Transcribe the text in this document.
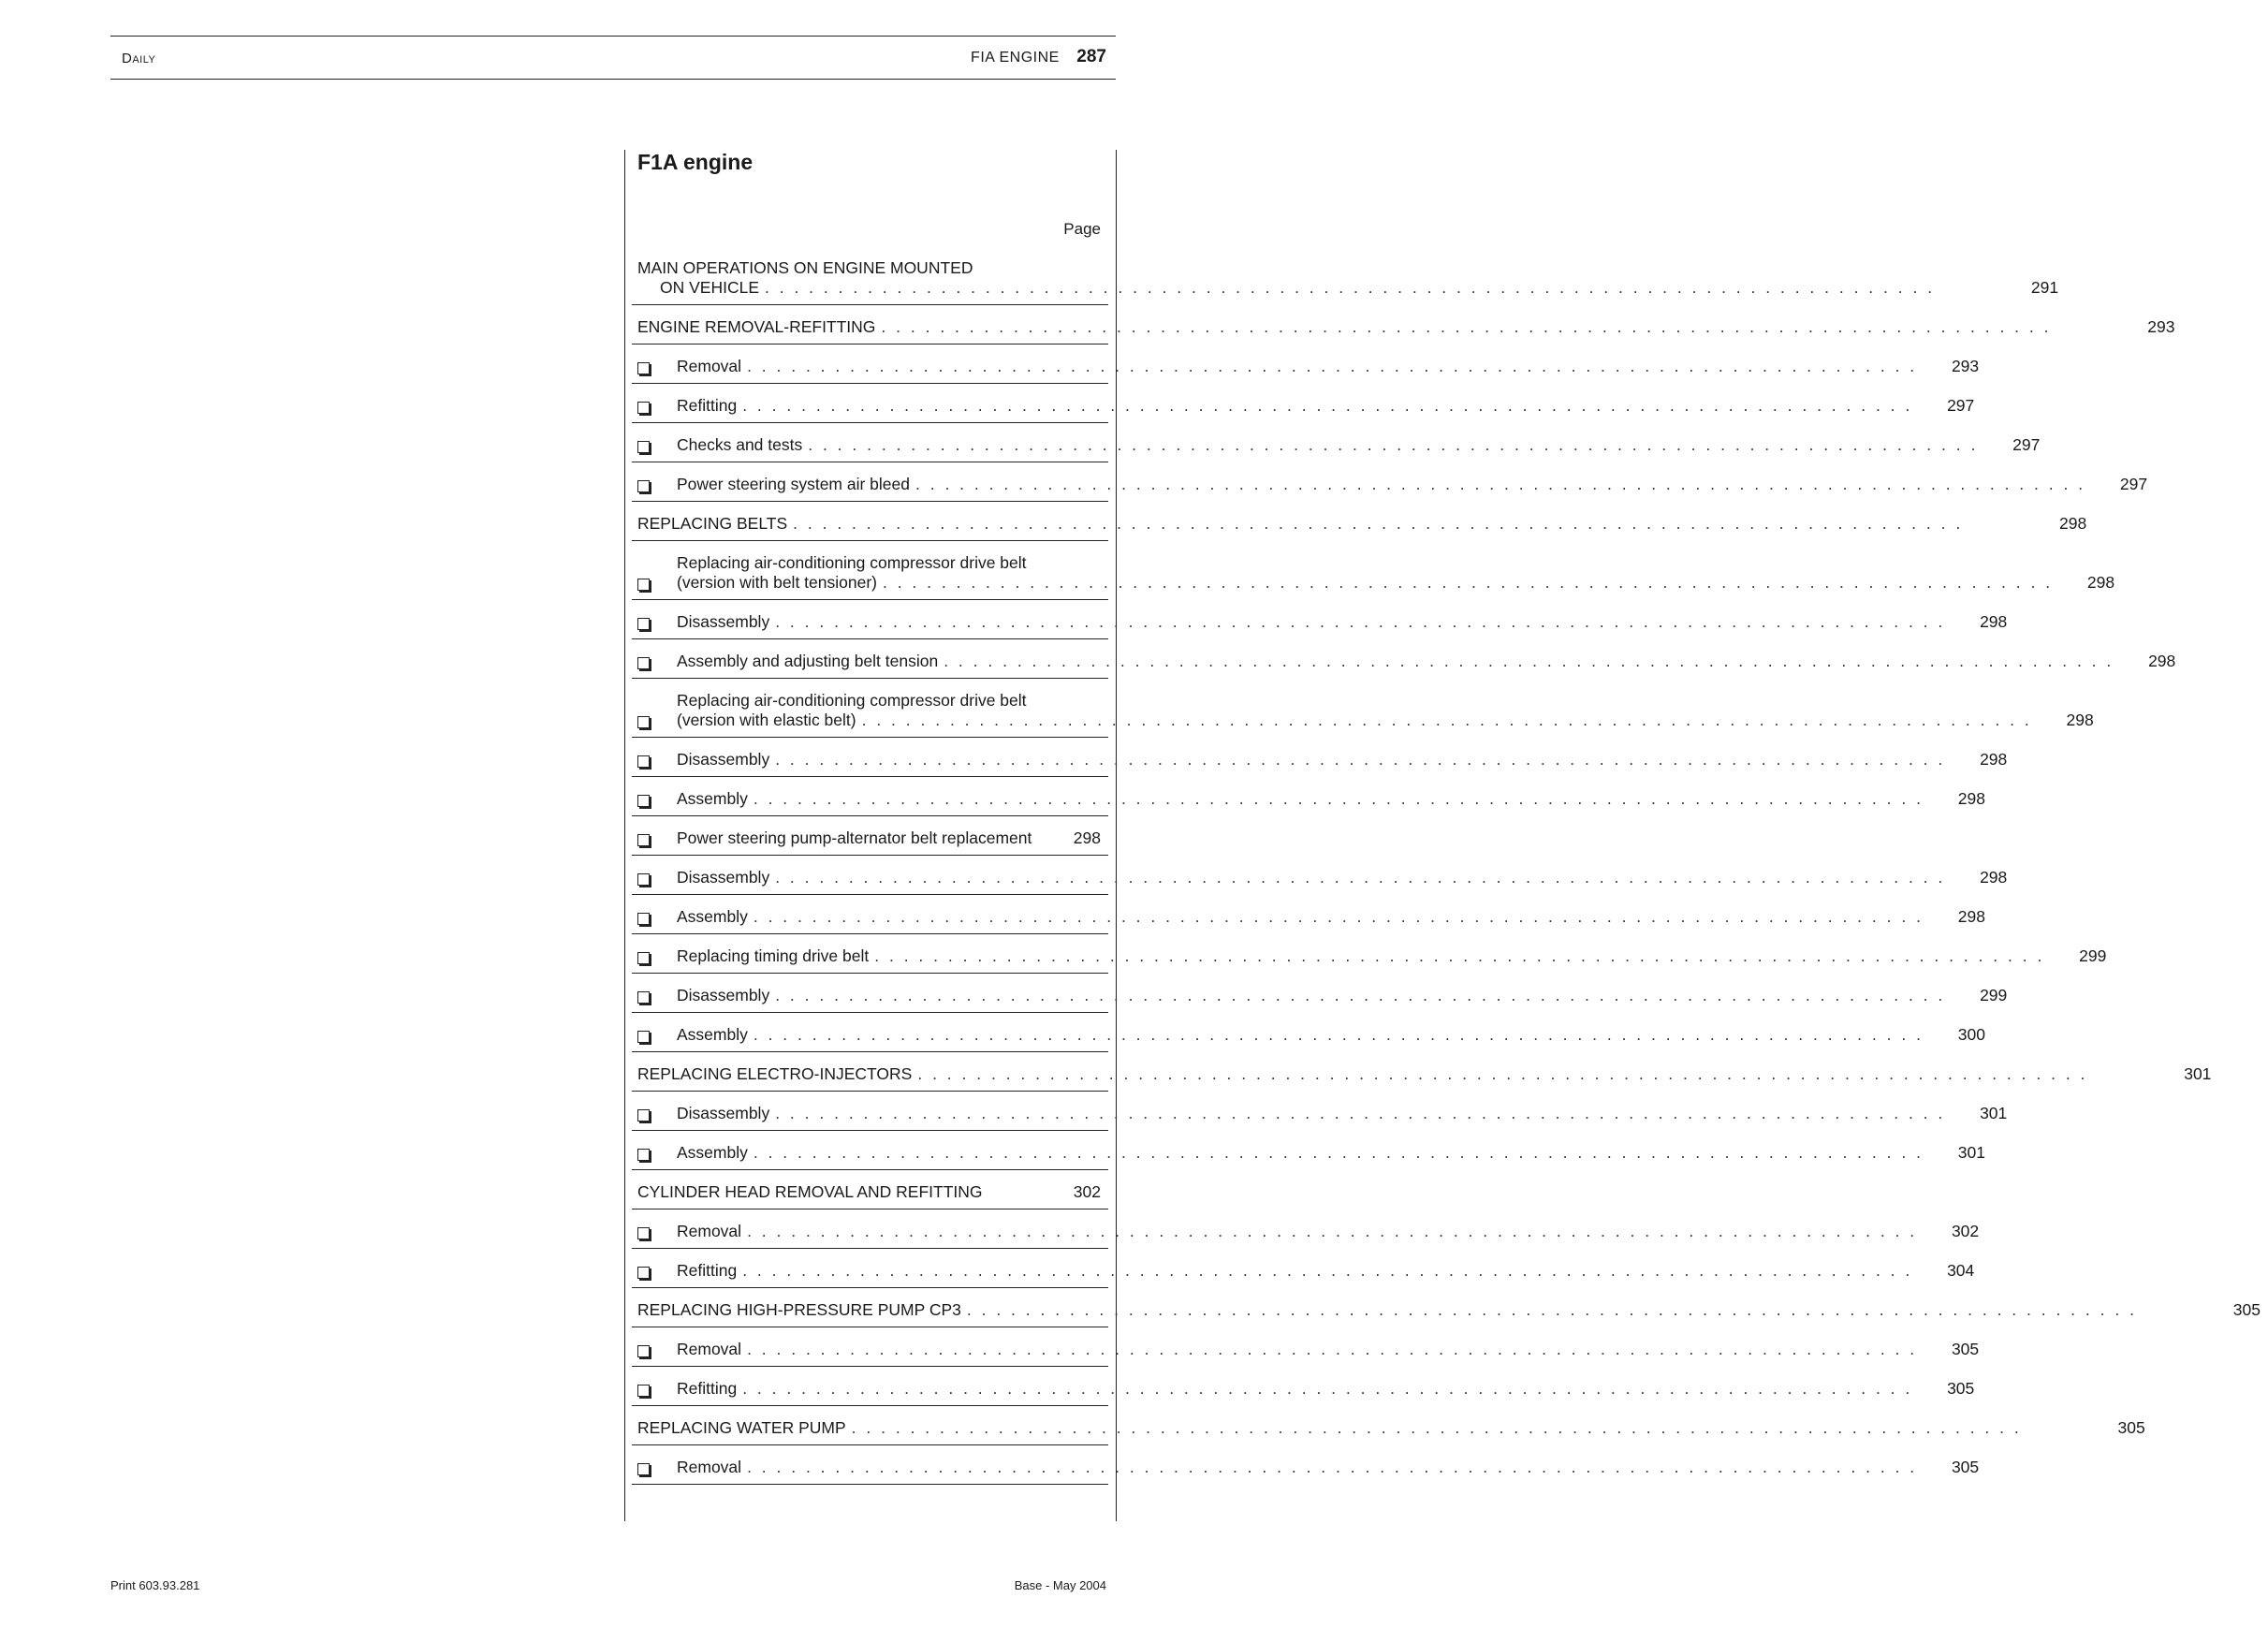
Daily	FIA ENGINE 287
F1A engine
Page
MAIN OPERATIONS ON ENGINE MOUNTED
ON VEHICLE . . . . . . . . . . . . . . . . . . . . . . . . . . . . . . . . . . . . . . . . . . . . . . . . . . . . . . . . . . . . . . . . . . . . . . . . . . . . . . . .	291
ENGINE REMOVAL-REFITTING . . . . . . . . . . . . . . . . . . . . . . . . . . . . . . . . . . . . . . . . . . . . . . . . . . . . . . . . . . . . . . . . . . . . . . . . . . . . . . . .	293
Removal . . . . . . . . . . . . . . . . . . . . . . . . . . . . . . . . . . . . . . . . . . . . . . . . . . . . . . . . . . . . . . . . . . . . . . . . . . . . . . . .	293
Refitting . . . . . . . . . . . . . . . . . . . . . . . . . . . . . . . . . . . . . . . . . . . . . . . . . . . . . . . . . . . . . . . . . . . . . . . . . . . . . . . .	297
Checks and tests . . . . . . . . . . . . . . . . . . . . . . . . . . . . . . . . . . . . . . . . . . . . . . . . . . . . . . . . . . . . . . . . . . . . . . . . . . . . . . . .	297
Power steering system air bleed . . . . . . . . . . . . . . . . . . . . . . . . . . . . . . . . . . . . . . . . . . . . . . . . . . . . . . . . . . . . . . . . . . . . . . . . . . . . . . . .	297
REPLACING BELTS . . . . . . . . . . . . . . . . . . . . . . . . . . . . . . . . . . . . . . . . . . . . . . . . . . . . . . . . . . . . . . . . . . . . . . . . . . . . . . . .	298
Replacing air-conditioning compressor drive belt
(version with belt tensioner) . . . . . . . . . . . . . . . . . . . . . . . . . . . . . . . . . . . . . . . . . . . . . . . . . . . . . . . . . . . . . . . . . . . . . . . . . . . . . . . .	298
Disassembly . . . . . . . . . . . . . . . . . . . . . . . . . . . . . . . . . . . . . . . . . . . . . . . . . . . . . . . . . . . . . . . . . . . . . . . . . . . . . . . .	298
Assembly and adjusting belt tension . . . . . . . . . . . . . . . . . . . . . . . . . . . . . . . . . . . . . . . . . . . . . . . . . . . . . . . . . . . . . . . . . . . . . . . . . . . . . . . .	298
Replacing air-conditioning compressor drive belt
(version with elastic belt) . . . . . . . . . . . . . . . . . . . . . . . . . . . . . . . . . . . . . . . . . . . . . . . . . . . . . . . . . . . . . . . . . . . . . . . . . . . . . . . .	298
Disassembly . . . . . . . . . . . . . . . . . . . . . . . . . . . . . . . . . . . . . . . . . . . . . . . . . . . . . . . . . . . . . . . . . . . . . . . . . . . . . . . .	298
Assembly . . . . . . . . . . . . . . . . . . . . . . . . . . . . . . . . . . . . . . . . . . . . . . . . . . . . . . . . . . . . . . . . . . . . . . . . . . . . . . . .	298
Power steering pump-alternator belt replacement	298
Disassembly . . . . . . . . . . . . . . . . . . . . . . . . . . . . . . . . . . . . . . . . . . . . . . . . . . . . . . . . . . . . . . . . . . . . . . . . . . . . . . . .	298
Assembly . . . . . . . . . . . . . . . . . . . . . . . . . . . . . . . . . . . . . . . . . . . . . . . . . . . . . . . . . . . . . . . . . . . . . . . . . . . . . . . .	298
Replacing timing drive belt . . . . . . . . . . . . . . . . . . . . . . . . . . . . . . . . . . . . . . . . . . . . . . . . . . . . . . . . . . . . . . . . . . . . . . . . . . . . . . . .	299
Disassembly . . . . . . . . . . . . . . . . . . . . . . . . . . . . . . . . . . . . . . . . . . . . . . . . . . . . . . . . . . . . . . . . . . . . . . . . . . . . . . . .	299
Assembly . . . . . . . . . . . . . . . . . . . . . . . . . . . . . . . . . . . . . . . . . . . . . . . . . . . . . . . . . . . . . . . . . . . . . . . . . . . . . . . .	300
REPLACING ELECTRO-INJECTORS . . . . . . . . . . . . . . . . . . . . . . . . . . . . . . . . . . . . . . . . . . . . . . . . . . . . . . . . . . . . . . . . . . . . . . . . . . . . . . . .	301
Disassembly . . . . . . . . . . . . . . . . . . . . . . . . . . . . . . . . . . . . . . . . . . . . . . . . . . . . . . . . . . . . . . . . . . . . . . . . . . . . . . . .	301
Assembly . . . . . . . . . . . . . . . . . . . . . . . . . . . . . . . . . . . . . . . . . . . . . . . . . . . . . . . . . . . . . . . . . . . . . . . . . . . . . . . .	301
CYLINDER HEAD REMOVAL AND REFITTING	302
Removal . . . . . . . . . . . . . . . . . . . . . . . . . . . . . . . . . . . . . . . . . . . . . . . . . . . . . . . . . . . . . . . . . . . . . . . . . . . . . . . .	302
Refitting . . . . . . . . . . . . . . . . . . . . . . . . . . . . . . . . . . . . . . . . . . . . . . . . . . . . . . . . . . . . . . . . . . . . . . . . . . . . . . . .	304
REPLACING HIGH-PRESSURE PUMP CP3 . . . . . . . . . . . . . . . . . . . . . . . . . . . . . . . . . . . . . . . . . . . . . . . . . . . . . . . . . . . . . . . . . . . . . . . . . . . . . . . .	305
Removal . . . . . . . . . . . . . . . . . . . . . . . . . . . . . . . . . . . . . . . . . . . . . . . . . . . . . . . . . . . . . . . . . . . . . . . . . . . . . . . .	305
Refitting . . . . . . . . . . . . . . . . . . . . . . . . . . . . . . . . . . . . . . . . . . . . . . . . . . . . . . . . . . . . . . . . . . . . . . . . . . . . . . . .	305
REPLACING WATER PUMP . . . . . . . . . . . . . . . . . . . . . . . . . . . . . . . . . . . . . . . . . . . . . . . . . . . . . . . . . . . . . . . . . . . . . . . . . . . . . . . .	305
Removal . . . . . . . . . . . . . . . . . . . . . . . . . . . . . . . . . . . . . . . . . . . . . . . . . . . . . . . . . . . . . . . . . . . . . . . . . . . . . . . .	305
Print 603.93.281	Base - May 2004
